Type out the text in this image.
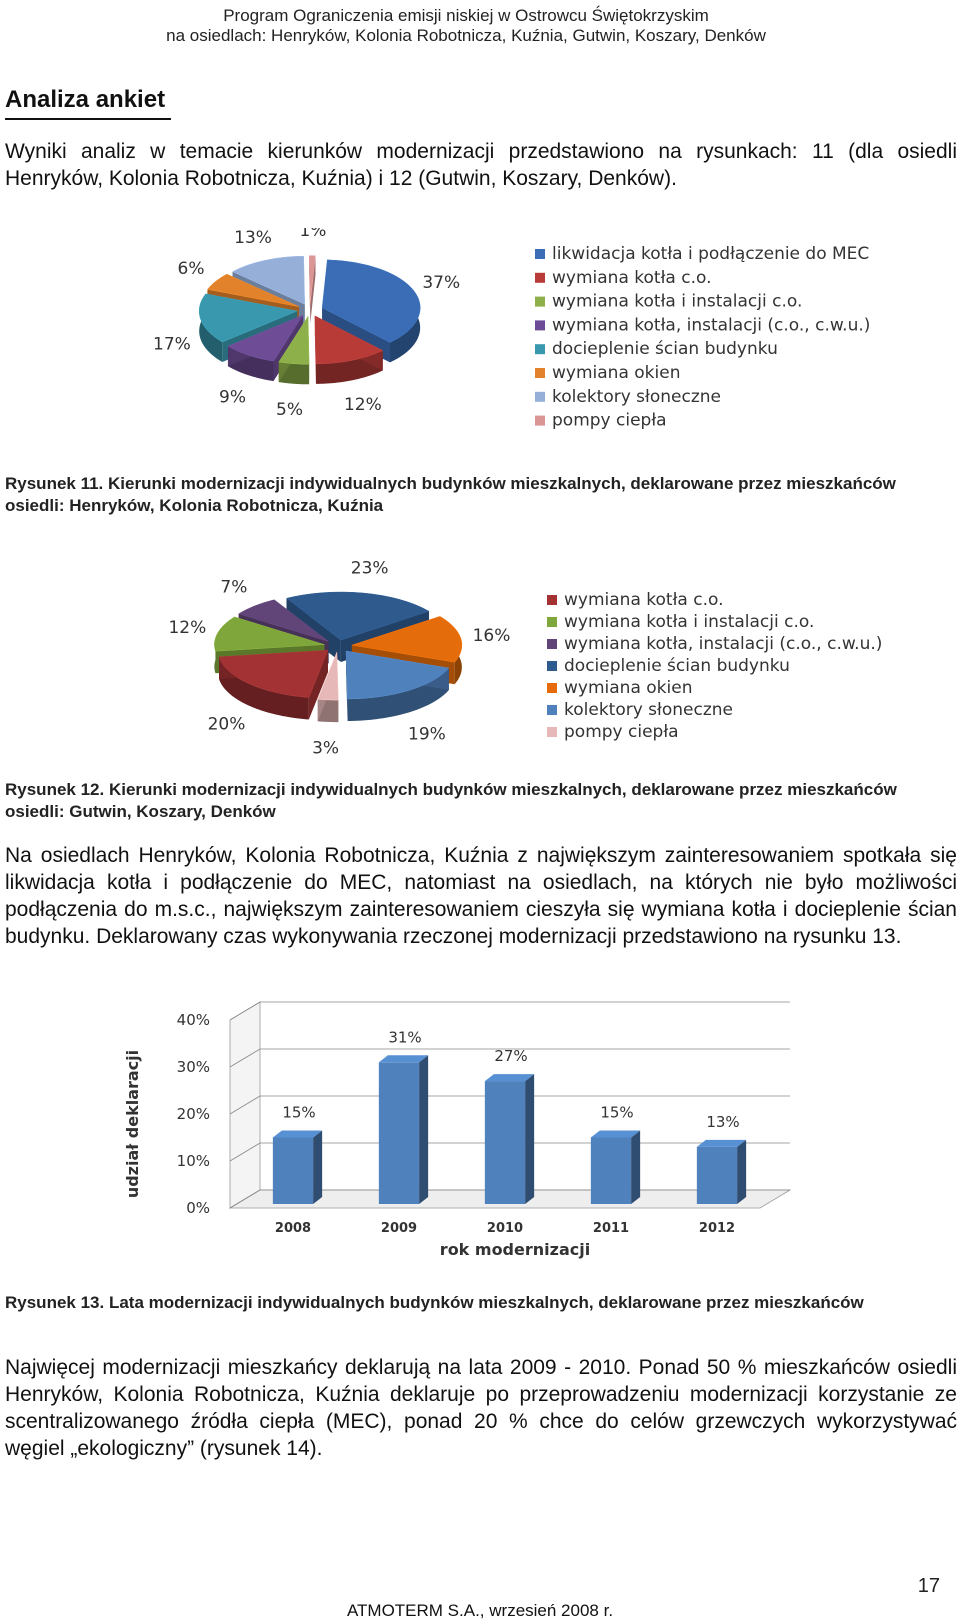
Program Ograniczenia emisji niskiej w Ostrowcu Świętokrzyskim
na osiedlach: Henryków, Kolonia Robotnicza, Kuźnia, Gutwin, Koszary, Denków
Analiza ankiet
Wyniki analiz w temacie kierunków modernizacji przedstawiono na rysunkach: 11 (dla osiedli Henryków, Kolonia Robotnicza, Kuźnia) i 12 (Gutwin, Koszary, Denków).
37%
12%
5%
9%
17%
6%
13% 1%
likwidacja kotła i podłączenie do MEC
wymiana kotła c.o.
wymiana kotła i instalacji c.o.
wymiana kotła, instalacji (c.o., c.w.u.)
docieplenie ścian budynku
wymiana okien
kolektory słoneczne
pompy ciepła
Rysunek 11. Kierunki modernizacji indywidualnych budynków mieszkalnych, deklarowane przez mieszkańców osiedli: Henryków, Kolonia Robotnicza, Kuźnia
20%
12%
7%
23%
16%
19%
3%
wymiana kotła c.o.
wymiana kotła i instalacji c.o.
wymiana kotła, instalacji (c.o., c.w.u.)
docieplenie ścian budynku
wymiana okien
kolektory słoneczne
pompy ciepła
Rysunek 12. Kierunki modernizacji indywidualnych budynków mieszkalnych, deklarowane przez mieszkańców osiedli: Gutwin, Koszary, Denków
Na osiedlach Henryków, Kolonia Robotnicza, Kuźnia z największym zainteresowaniem spotkała się likwidacja kotła i podłączenie do MEC, natomiast na osiedlach, na których nie było możliwości podłączenia do m.s.c., największym zainteresowaniem cieszyła się wymiana kotła i docieplenie ścian budynku. Deklarowany czas wykonywania rzeczonej modernizacji przedstawiono na rysunku 13.
0%
10%
20%
30%
40%
15%
2008
31%
2009
27%
2010
15%
2011
13%
2012
rok modernizacji
udział deklaracji
Rysunek 13. Lata modernizacji indywidualnych budynków mieszkalnych, deklarowane przez mieszkańców
Najwięcej modernizacji mieszkańcy deklarują na lata 2009 - 2010. Ponad 50 % mieszkańców osiedli Henryków, Kolonia Robotnicza, Kuźnia deklaruje po przeprowadzeniu modernizacji korzystanie ze scentralizowanego źródła ciepła (MEC), ponad 20 % chce do celów grzewczych wykorzystywać węgiel „ekologiczny” (rysunek 14).
17
ATMOTERM S.A., wrzesień 2008 r.
